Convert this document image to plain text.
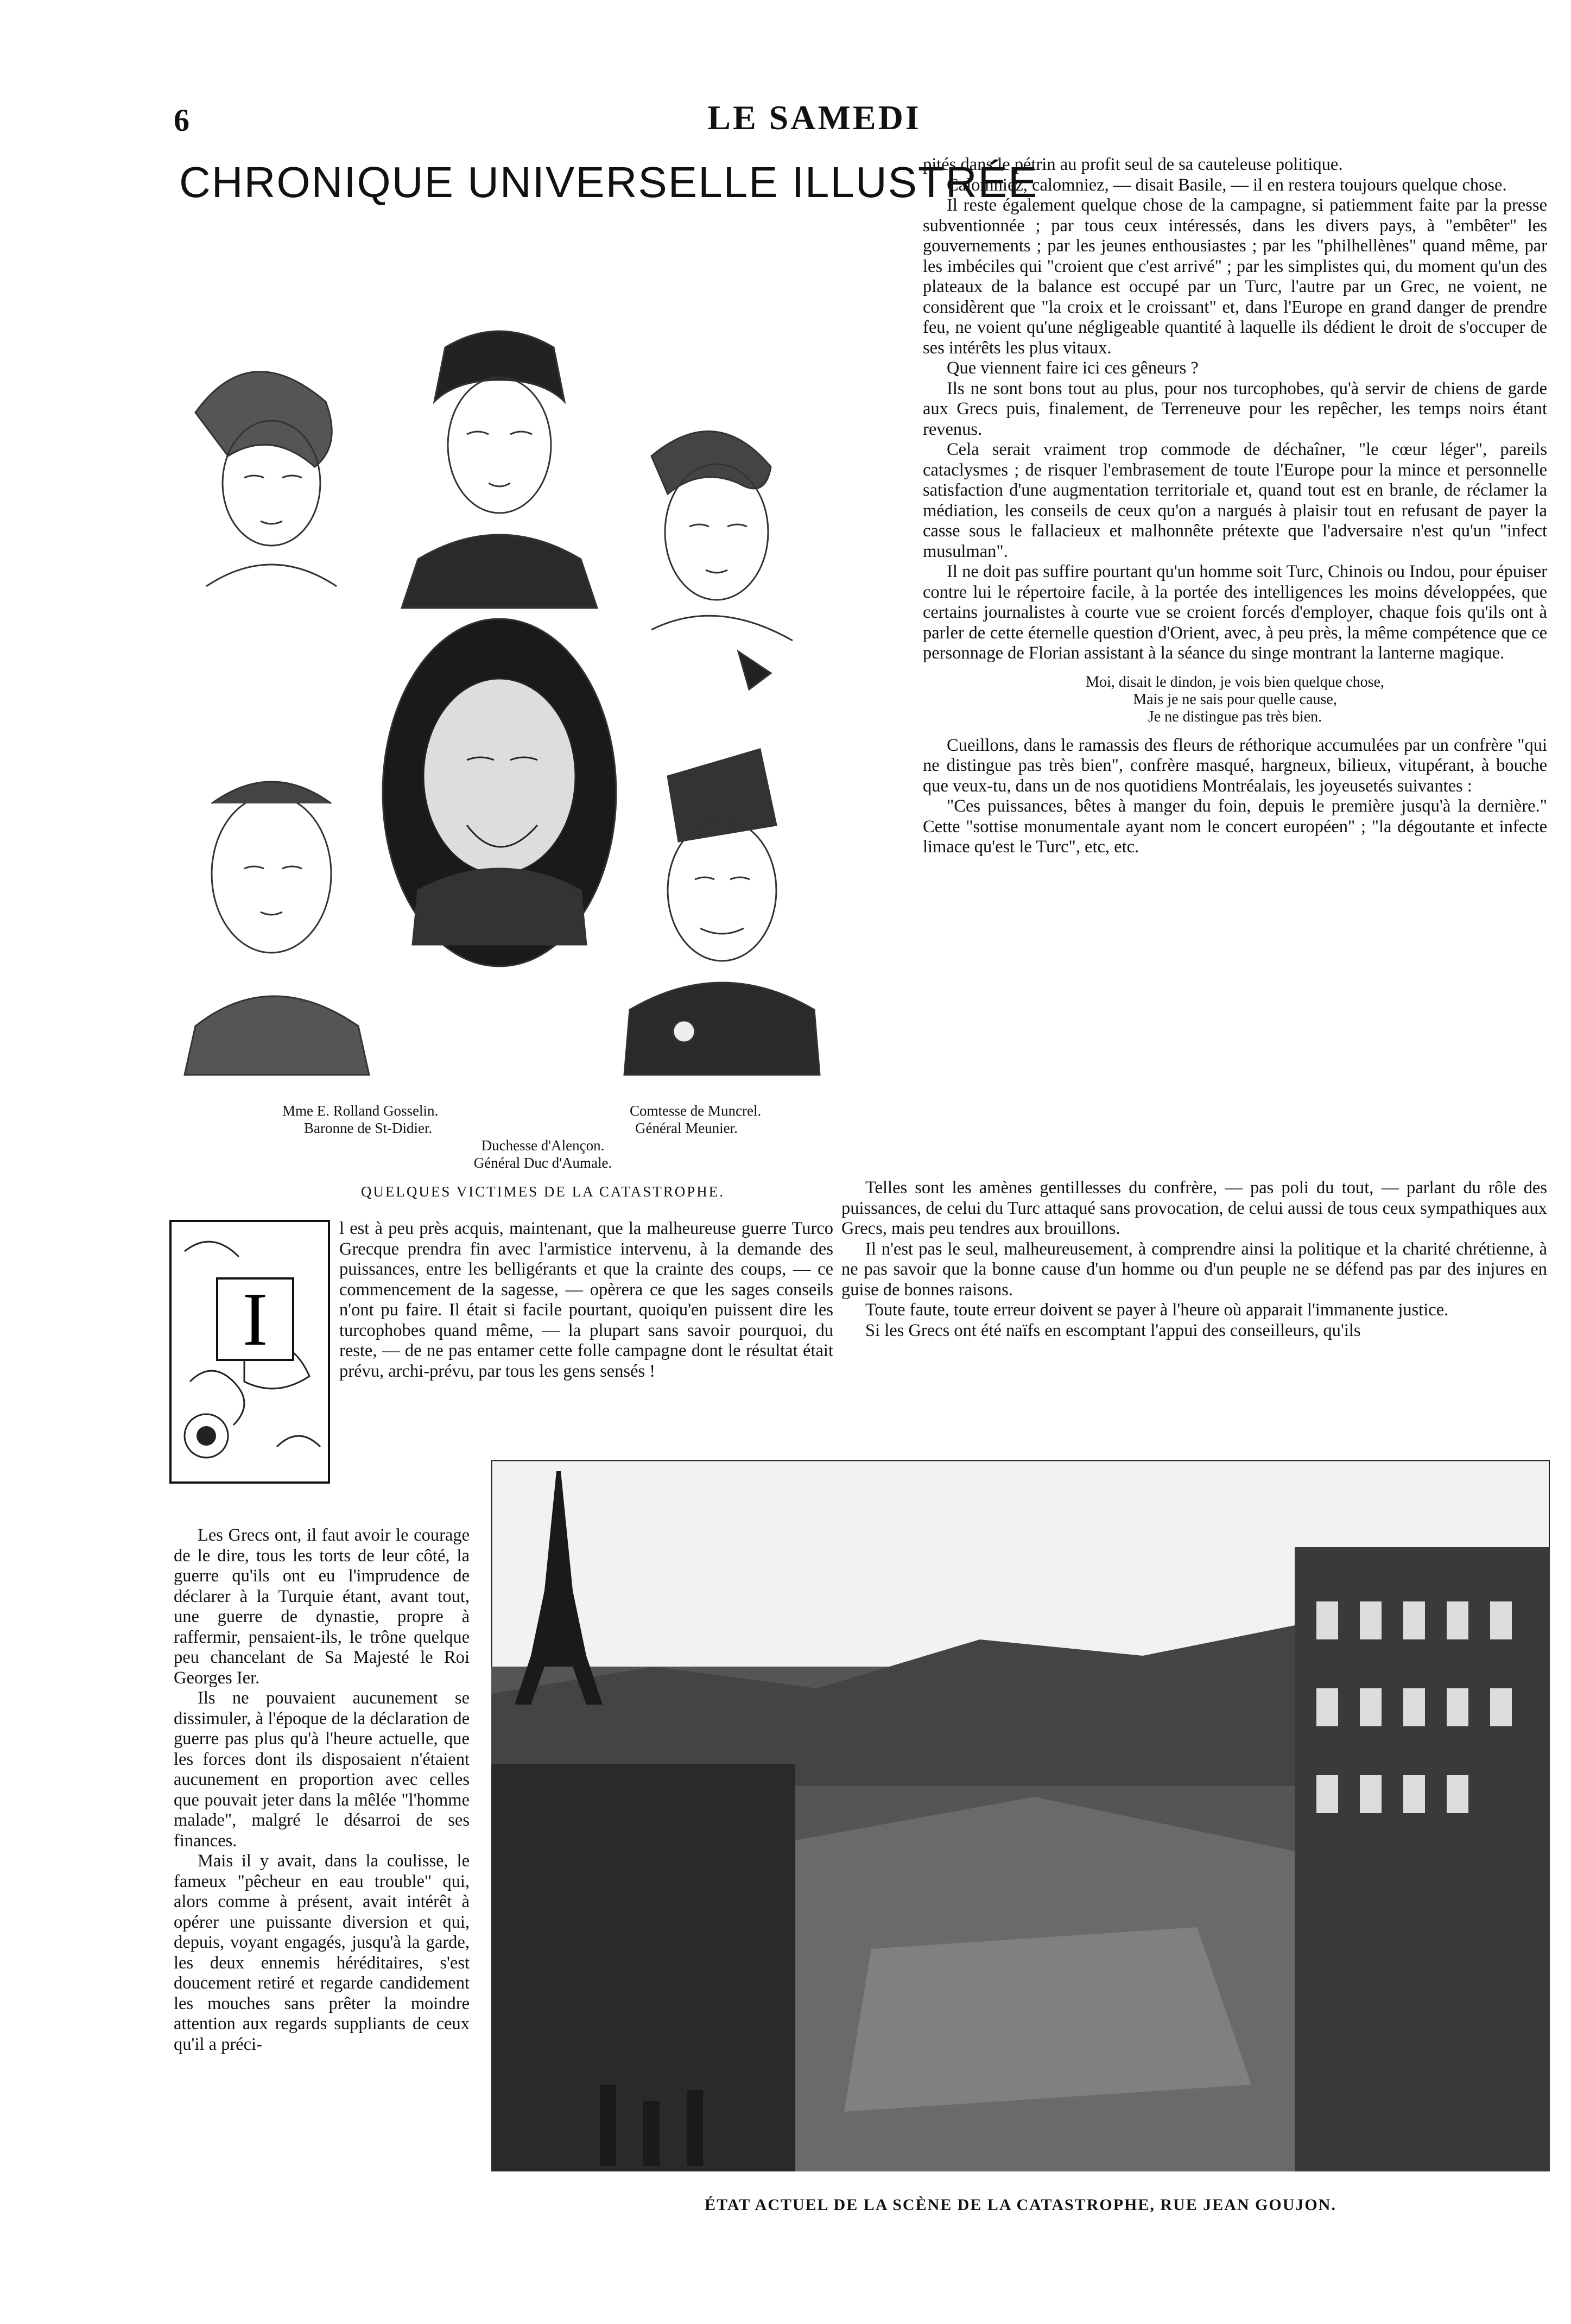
6	LE SAMEDI
CHRONIQUE UNIVERSELLE ILLUSTRÉE
Mme E. Rolland Gosselin.	Comtesse de Muncrel.
Baronne de St-Didier.	Général Meunier.
Duchesse d'Alençon.
Général Duc d'Aumale.
QUELQUES VICTIMES DE LA CATASTROPHE.
I

l est à peu près acquis, maintenant, que la malheureuse guerre Turco Grecque prendra fin avec l'armistice intervenu, à la demande des puissances, entre les belligérants et que la crainte des coups, — ce commencement de la sagesse, — opèrera ce que les sages conseils n'ont pu faire. Il était si facile pourtant, quoiqu'en puissent dire les turcophobes quand même, — la plupart sans savoir pourquoi, du reste, — de ne pas entamer cette folle campagne dont le résultat était prévu, archi-prévu, par tous les gens sensés !

Les Grecs ont, il faut avoir le courage de le dire, tous les torts de leur côté, la guerre qu'ils ont eu l'imprudence de déclarer à la Turquie étant, avant tout, une guerre de dynastie, propre à raffermir, pensaient-ils, le trône quelque peu chancelant de Sa Majesté le Roi Georges Ier.

Ils ne pouvaient aucunement se dissimuler, à l'époque de la déclaration de guerre pas plus qu'à l'heure actuelle, que les forces dont ils disposaient n'étaient aucunement en proportion avec celles que pouvait jeter dans la mêlée "l'homme malade", malgré le désarroi de ses finances.

Mais il y avait, dans la coulisse, le fameux "pêcheur en eau trouble" qui, alors comme à présent, avait intérêt à opérer une puissante diversion et qui, depuis, voyant engagés, jusqu'à la garde, les deux ennemis héréditaires, s'est doucement retiré et regarde candidement les mouches sans prêter la moindre attention aux regards suppliants de ceux qu'il a préci-

pités dans le pétrin au profit seul de sa cauteleuse politique.

Calomniez, calomniez, — disait Basile, — il en restera toujours quelque chose.

Il reste également quelque chose de la campagne, si patiemment faite par la presse subventionnée ; par tous ceux intéressés, dans les divers pays, à "embêter" les gouvernements ; par les jeunes enthousiastes ; par les "philhellènes" quand même, par les imbéciles qui "croient que c'est arrivé" ; par les simplistes qui, du moment qu'un des plateaux de la balance est occupé par un Turc, l'autre par un Grec, ne voient, ne considèrent que "la croix et le croissant" et, dans l'Europe en grand danger de prendre feu, ne voient qu'une négligeable quantité à laquelle ils dédient le droit de s'occuper de ses intérêts les plus vitaux.

Que viennent faire ici ces gêneurs ?

Ils ne sont bons tout au plus, pour nos turcophobes, qu'à servir de chiens de garde aux Grecs puis, finalement, de Terreneuve pour les repêcher, les temps noirs étant revenus.

Cela serait vraiment trop commode de déchaîner, "le cœur léger", pareils cataclysmes ; de risquer l'embrasement de toute l'Europe pour la mince et personnelle satisfaction d'une augmentation territoriale et, quand tout est en branle, de réclamer la médiation, les conseils de ceux qu'on a nargués à plaisir tout en refusant de payer la casse sous le fallacieux et malhonnête prétexte que l'adversaire n'est qu'un "infect musulman".

Il ne doit pas suffire pourtant qu'un homme soit Turc, Chinois ou Indou, pour épuiser contre lui le répertoire facile, à la portée des intelligences les moins développées, que certains journalistes à courte vue se croient forcés d'employer, chaque fois qu'ils ont à parler de cette éternelle question d'Orient, avec, à peu près, la même compétence que ce personnage de Florian assistant à la séance du singe montrant la lanterne magique.

Moi, disait le dindon, je vois bien quelque chose,
Mais je ne sais pour quelle cause,
Je ne distingue pas très bien.

Cueillons, dans le ramassis des fleurs de réthorique accumulées par un confrère "qui ne distingue pas très bien", confrère masqué, hargneux, bilieux, vitupérant, à bouche que veux-tu, dans un de nos quotidiens Montréalais, les joyeusetés suivantes :

"Ces puissances, bêtes à manger du foin, depuis le première jusqu'à la dernière." Cette "sottise monumentale ayant nom le concert européen" ; "la dégoutante et infecte limace qu'est le Turc", etc, etc.

Telles sont les amènes gentillesses du confrère, — pas poli du tout, — parlant du rôle des puissances, de celui du Turc attaqué sans provocation, de celui aussi de tous ceux sympathiques aux Grecs, mais peu tendres aux brouillons.

Il n'est pas le seul, malheureusement, à comprendre ainsi la politique et la charité chrétienne, à ne pas savoir que la bonne cause d'un homme ou d'un peuple ne se défend pas par des injures en guise de bonnes raisons.

Toute faute, toute erreur doivent se payer à l'heure où apparait l'immanente justice.

Si les Grecs ont été naïfs en escomptant l'appui des conseilleurs, qu'ils

ÉTAT ACTUEL DE LA SCÈNE DE LA CATASTROPHE, RUE JEAN GOUJON.
